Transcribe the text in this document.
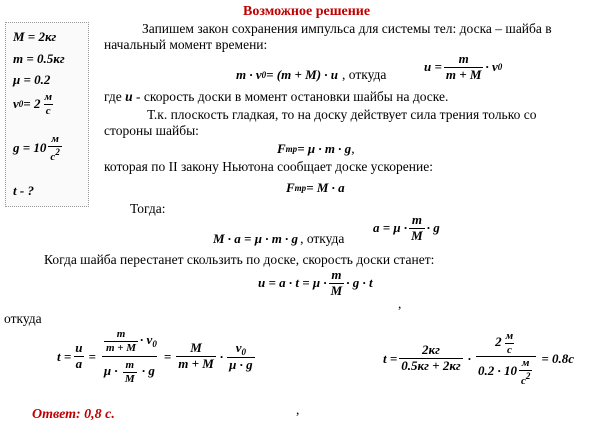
Возможное решение
M = 2кг
m = 0.5кг
μ = 0.2
v $0 = 2 \frac{м}{с}$
$g = 10 \frac{м}{с^2}$
t - ?
Запишем закон сохранения импульса для системы тел: доска – шайба в
начальный момент времени:
m · v 0 = (m + M) · u , откуда
$u = \frac{m}{m + M} \cdot v$ 0
где u - скорость доски в момент остановки шайбы на доске.
Т.к. плоскость гладкая, то на доску действует сила трения только со
стороны шайбы:
F тр = μ · m · g ,
которая по II закону Ньютона сообщает доске ускорение:
F тр = M · a
Тогда:
M · a = μ · m · g , откуда
$a = \mu \cdot \frac{m}{M} \cdot g$
Когда шайба перестанет скользить по доске, скорость доски станет:
$u = a \cdot t = \mu \cdot \frac{m}{M} \cdot g \cdot t$
,
откуда
$t = \frac{u}{a} = \frac{\frac{m}{m + M} \cdot v_0}{\mu \cdot \frac{m}{M} \cdot g} = \frac{M}{m + M} \cdot \frac{v_0}{\mu \cdot g}$
,
$t = \frac{2кг}{0.5кг + 2кг} \cdot \frac{2 \frac{м}{с}}{0.2 \cdot 10 \frac{м}{с^2}} = 0.8с$
Ответ: 0,8 с.
